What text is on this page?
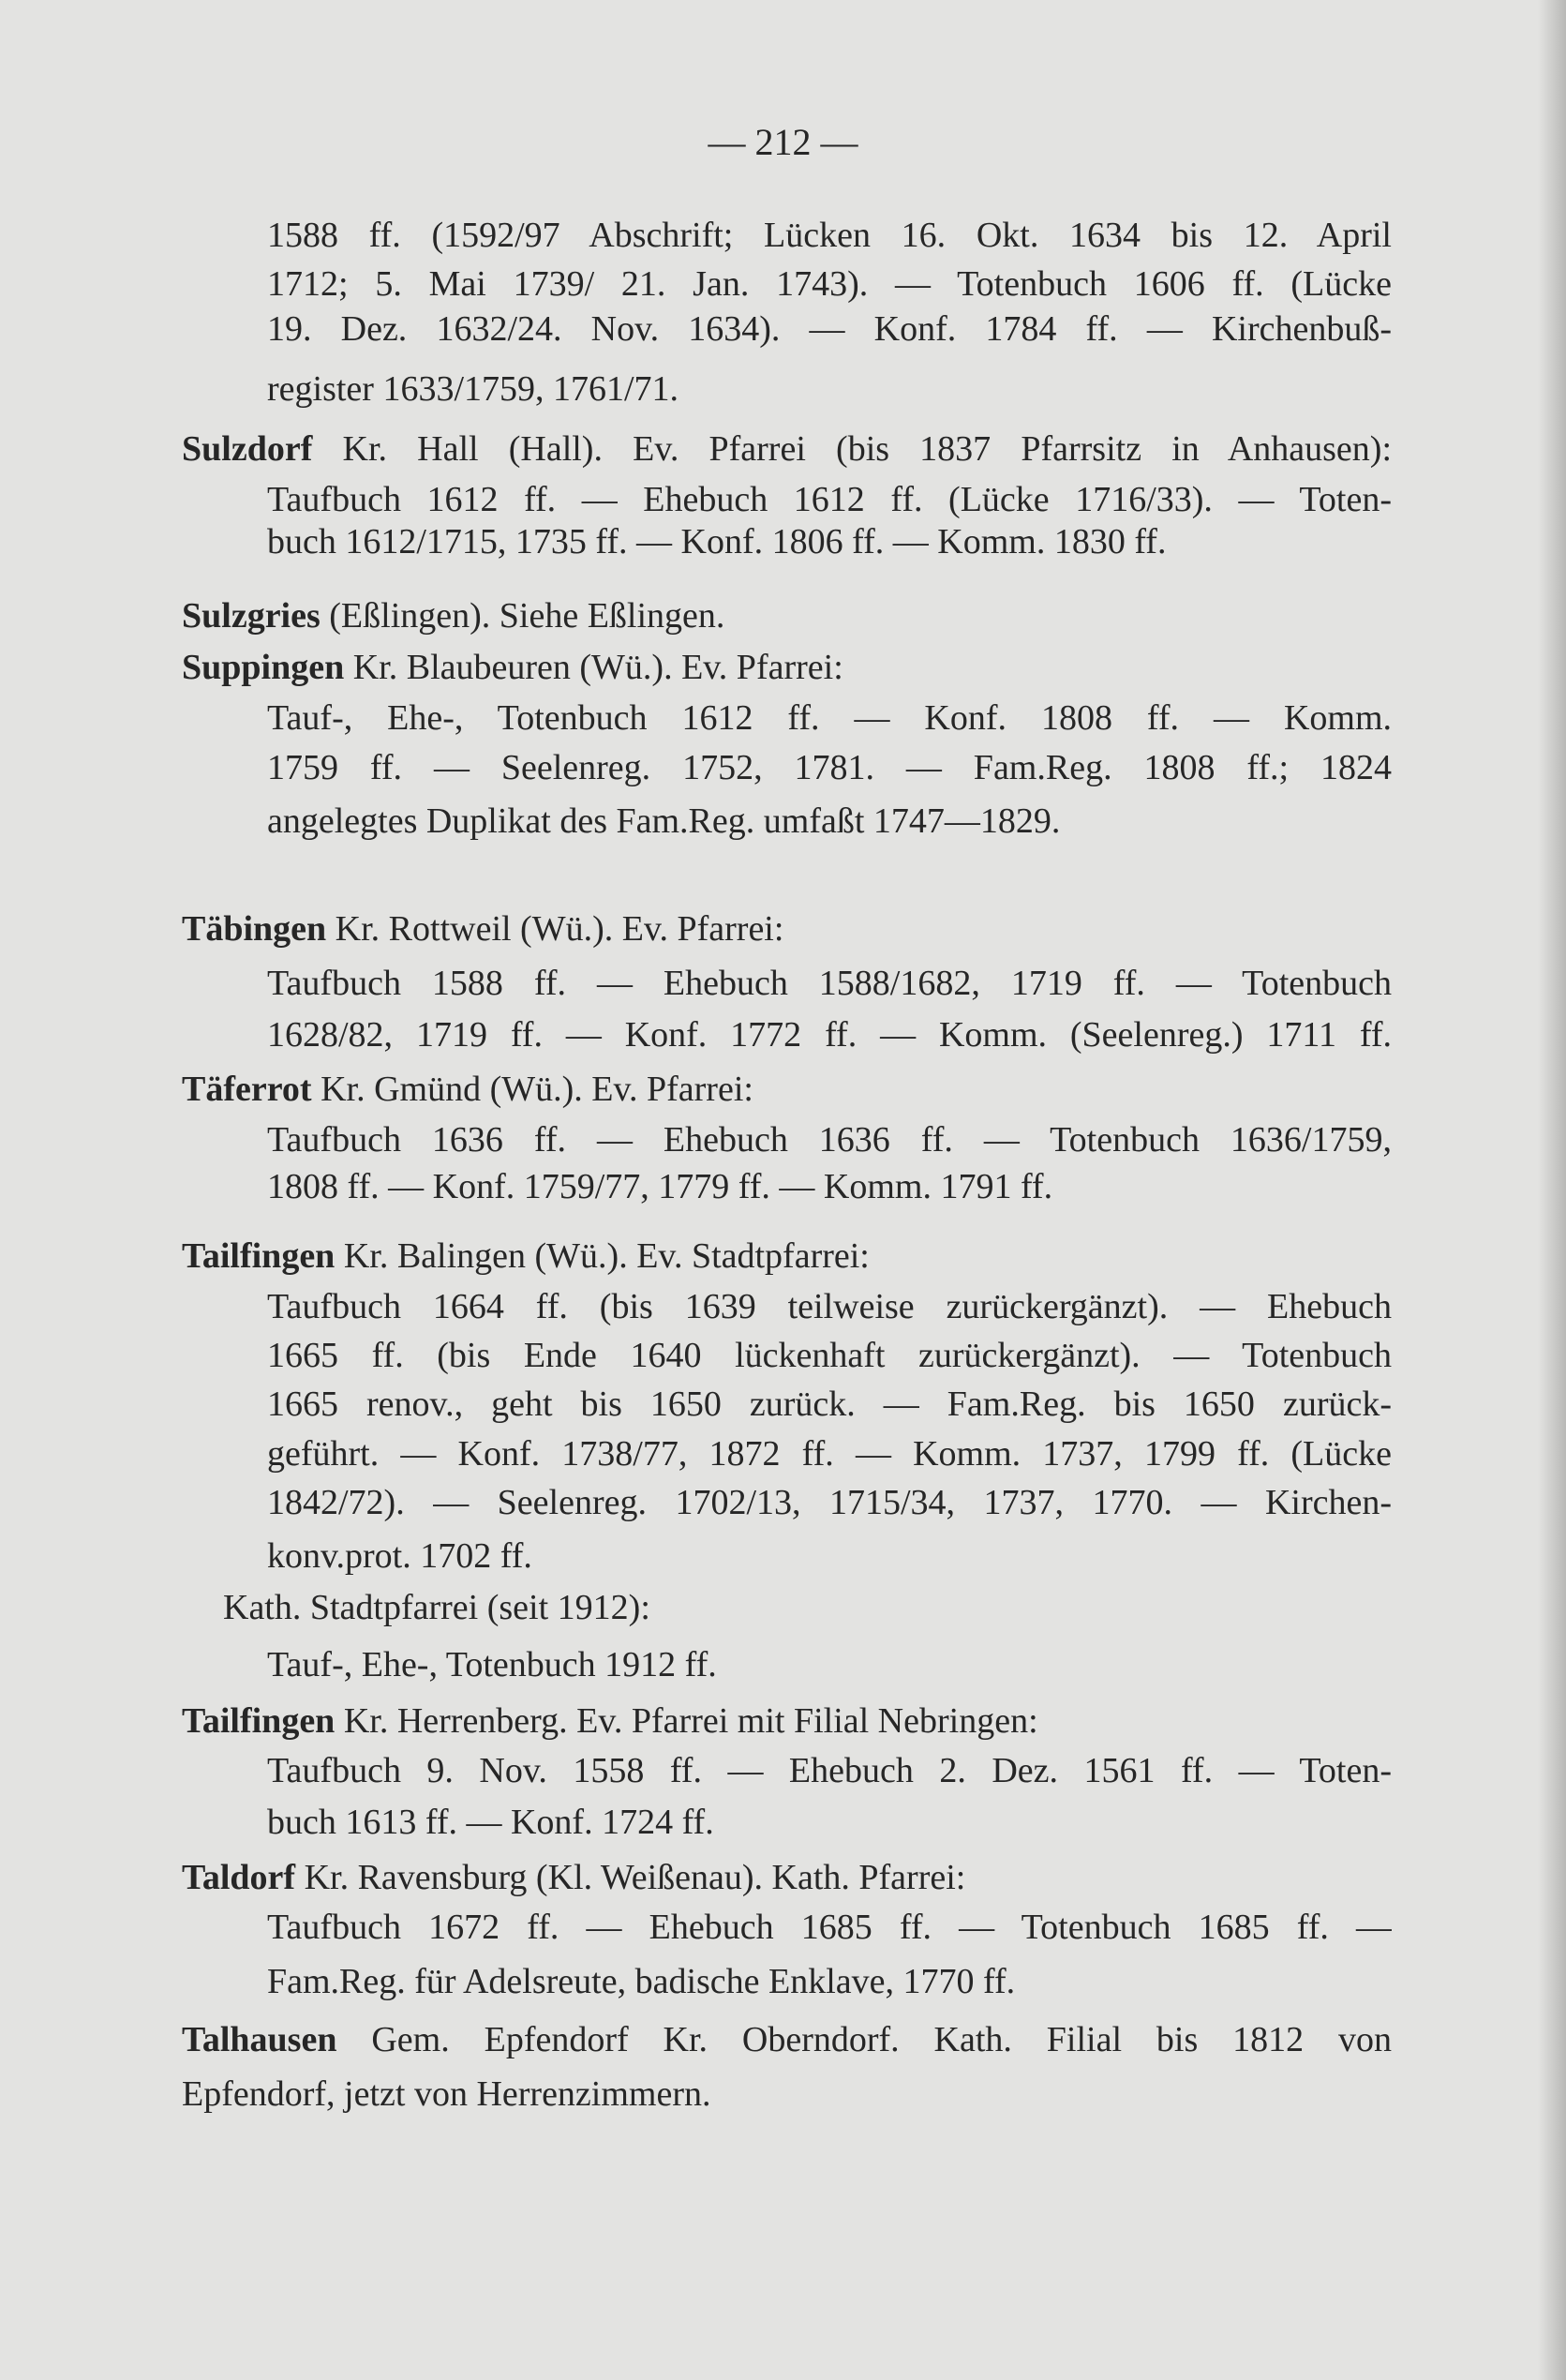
— 212 —
1588 ff. (1592/97 Abschrift; Lücken 16. Okt. 1634 bis 12. April
1712; 5. Mai 1739/ 21. Jan. 1743). — Totenbuch 1606 ff. (Lücke
19. Dez. 1632/24. Nov. 1634). — Konf. 1784 ff. — Kirchenbuß-
register 1633/1759, 1761/71.
Sulzdorf Kr. Hall (Hall). Ev. Pfarrei (bis 1837 Pfarrsitz in Anhausen):
Taufbuch 1612 ff. — Ehebuch 1612 ff. (Lücke 1716/33). — Toten-
buch 1612/1715, 1735 ff. — Konf. 1806 ff. — Komm. 1830 ff.
Sulzgries (Eßlingen). Siehe Eßlingen.
Suppingen Kr. Blaubeuren (Wü.). Ev. Pfarrei:
Tauf-, Ehe-, Totenbuch 1612 ff. — Konf. 1808 ff. — Komm.
1759 ff. — Seelenreg. 1752, 1781. — Fam.Reg. 1808 ff.; 1824
angelegtes Duplikat des Fam.Reg. umfaßt 1747—1829.
Täbingen Kr. Rottweil (Wü.). Ev. Pfarrei:
Taufbuch 1588 ff. — Ehebuch 1588/1682, 1719 ff. — Totenbuch
1628/82, 1719 ff. — Konf. 1772 ff. — Komm. (Seelenreg.) 1711 ff.
Täferrot Kr. Gmünd (Wü.). Ev. Pfarrei:
Taufbuch 1636 ff. — Ehebuch 1636 ff. — Totenbuch 1636/1759,
1808 ff. — Konf. 1759/77, 1779 ff. — Komm. 1791 ff.
Tailfingen Kr. Balingen (Wü.). Ev. Stadtpfarrei:
Taufbuch 1664 ff. (bis 1639 teilweise zurückergänzt). — Ehebuch
1665 ff. (bis Ende 1640 lückenhaft zurückergänzt). — Totenbuch
1665 renov., geht bis 1650 zurück. — Fam.Reg. bis 1650 zurück-
geführt. — Konf. 1738/77, 1872 ff. — Komm. 1737, 1799 ff. (Lücke
1842/72). — Seelenreg. 1702/13, 1715/34, 1737, 1770. — Kirchen-
konv.prot. 1702 ff.
Kath. Stadtpfarrei (seit 1912):
Tauf-, Ehe-, Totenbuch 1912 ff.
Tailfingen Kr. Herrenberg. Ev. Pfarrei mit Filial Nebringen:
Taufbuch 9. Nov. 1558 ff. — Ehebuch 2. Dez. 1561 ff. — Toten-
buch 1613 ff. — Konf. 1724 ff.
Taldorf Kr. Ravensburg (Kl. Weißenau). Kath. Pfarrei:
Taufbuch 1672 ff. — Ehebuch 1685 ff. — Totenbuch 1685 ff. —
Fam.Reg. für Adelsreute, badische Enklave, 1770 ff.
Talhausen Gem. Epfendorf Kr. Oberndorf. Kath. Filial bis 1812 von
Epfendorf, jetzt von Herrenzimmern.
